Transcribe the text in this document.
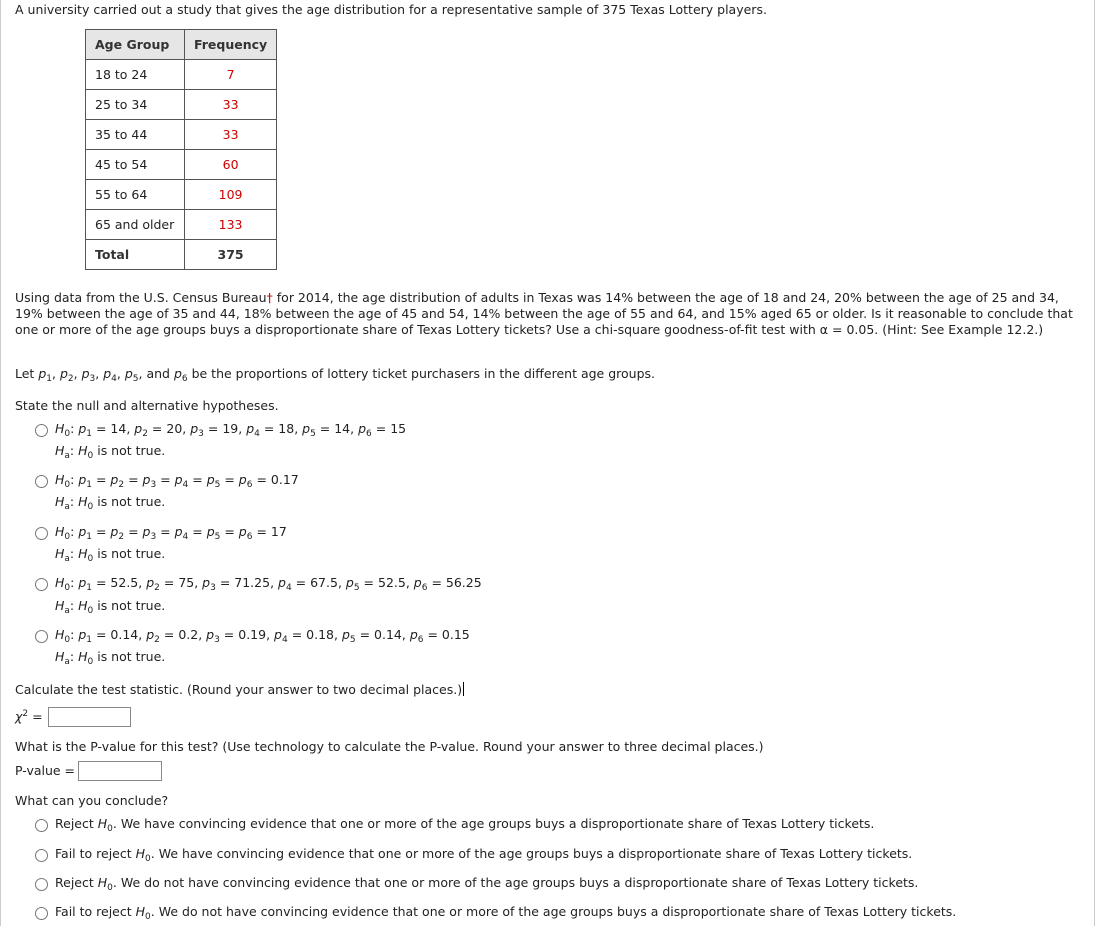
A university carried out a study that gives the age distribution for a representative sample of 375 Texas Lottery players.
Age Group	Frequency
18 to 24	7
25 to 34	33
35 to 44	33
45 to 54	60
55 to 64	109
65 and older	133
Total	375
Using data from the U.S. Census Bureau† for 2014, the age distribution of adults in Texas was 14% between the age of 18 and 24, 20% between the age of 25 and 34, 19% between the age of 35 and 44, 18% between the age of 45 and 54, 14% between the age of 55 and 64, and 15% aged 65 or older. Is it reasonable to conclude that one or more of the age groups buys a disproportionate share of Texas Lottery tickets? Use a chi-square goodness-of-fit test with α = 0.05. (Hint: See Example 12.2.)
Let $p_1$, $p_2$, $p_3$, $p_4$, $p_5$, and $p_6$ be the proportions of lottery ticket purchasers in the different age groups.
State the null and alternative hypotheses.
$H_0$: $p_1 = 14$, $p_2 = 20$, $p_3 = 19$, $p_4 = 18$, $p_5 = 14$, $p_6 = 15$
$H_a$: $H_0$ is not true.
$H_0$: $p_1 = p_2 = p_3 = p_4 = p_5 = p_6 = 0.17$
$H_a$: $H_0$ is not true.
$H_0$: $p_1 = p_2 = p_3 = p_4 = p_5 = p_6 = 17$
$H_a$: $H_0$ is not true.
$H_0$: $p_1 = 52.5$, $p_2 = 75$, $p_3 = 71.25$, $p_4 = 67.5$, $p_5 = 52.5$, $p_6 = 56.25$
$H_a$: $H_0$ is not true.
$H_0$: $p_1 = 0.14$, $p_2 = 0.2$, $p_3 = 0.19$, $p_4 = 0.18$, $p_5 = 0.14$, $p_6 = 0.15$
$H_a$: $H_0$ is not true.
Calculate the test statistic. (Round your answer to two decimal places.)
$\chi^2$ =
What is the P-value for this test? (Use technology to calculate the P-value. Round your answer to three decimal places.)
P-value =
What can you conclude?
Reject $H_0$. We have convincing evidence that one or more of the age groups buys a disproportionate share of Texas Lottery tickets.
Fail to reject $H_0$. We have convincing evidence that one or more of the age groups buys a disproportionate share of Texas Lottery tickets.
Reject $H_0$. We do not have convincing evidence that one or more of the age groups buys a disproportionate share of Texas Lottery tickets.
Fail to reject $H_0$. We do not have convincing evidence that one or more of the age groups buys a disproportionate share of Texas Lottery tickets.
